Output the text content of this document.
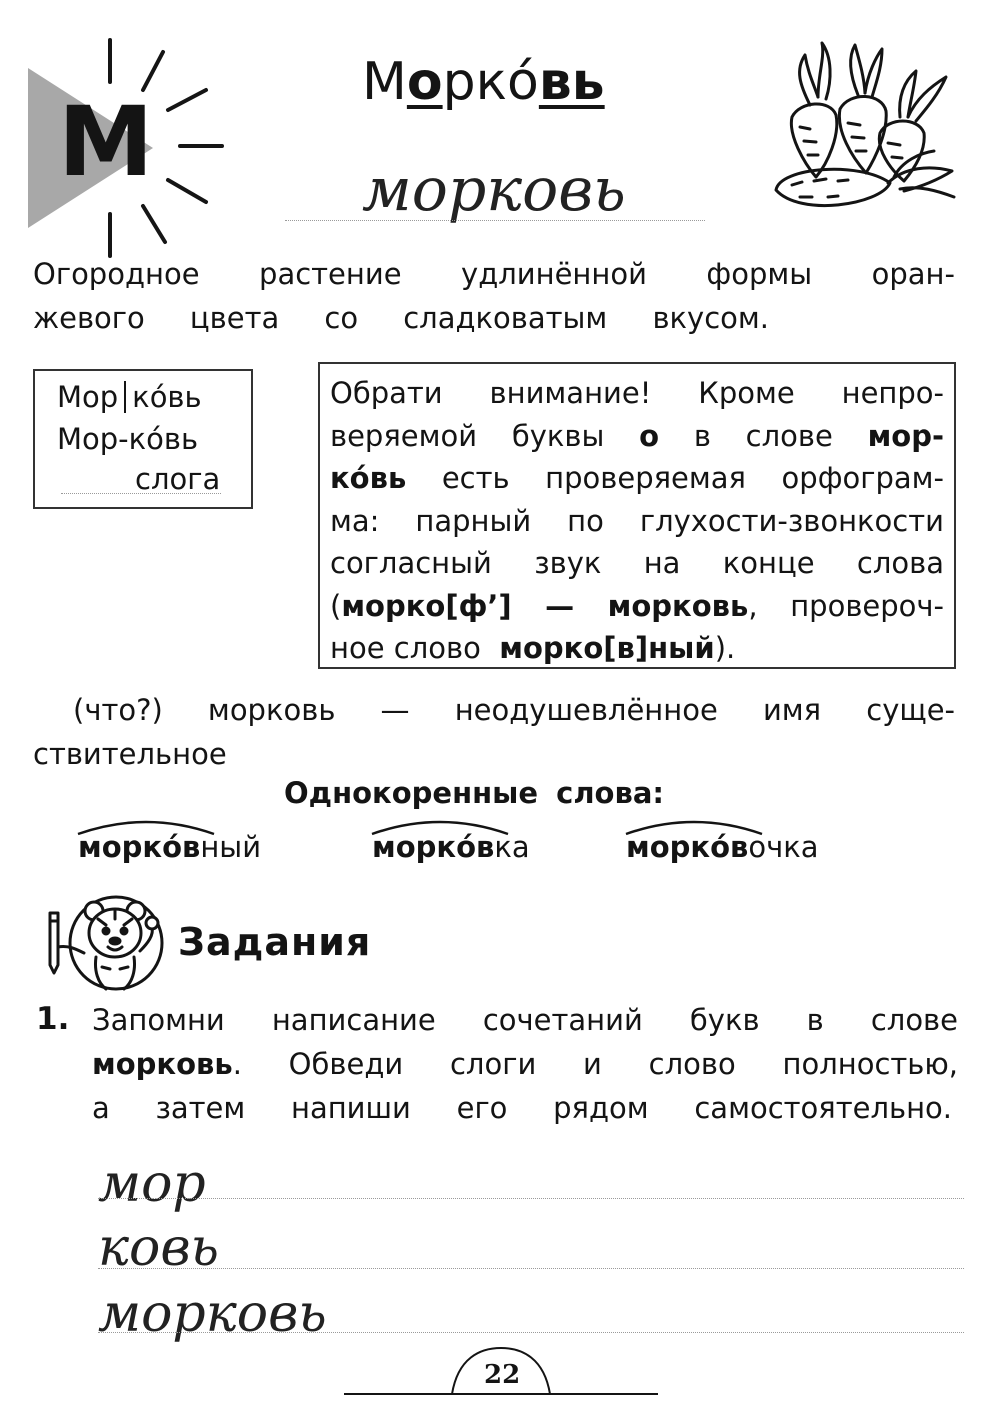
М
Морко́вь
морковь
Огородное растение удлинённой формы оран-
жевого цвета со сладковатым вкусом.
Мор ко́вь
Мор-ко́вь
слога
Обрати внимание! Кроме непро-
веряемой буквы о в слове мор-
ко́вь есть проверяемая орфограм-
ма: парный по глухости-звонкости
согласный звук на конце слова
(морко[ф’] — морковь, провероч-
ное слово морко[в]ный).
(что?) морковь — неодушевлённое имя суще-
ствительное
Однокоренные слова:
морко́вный	морко́вка	морко́вочка
Задания
1. Запомни написание сочетаний букв в слове
морковь. Обведи слоги и слово полностью,
а затем напиши его рядом самостоятельно.
мор
ковь
морковь
22
